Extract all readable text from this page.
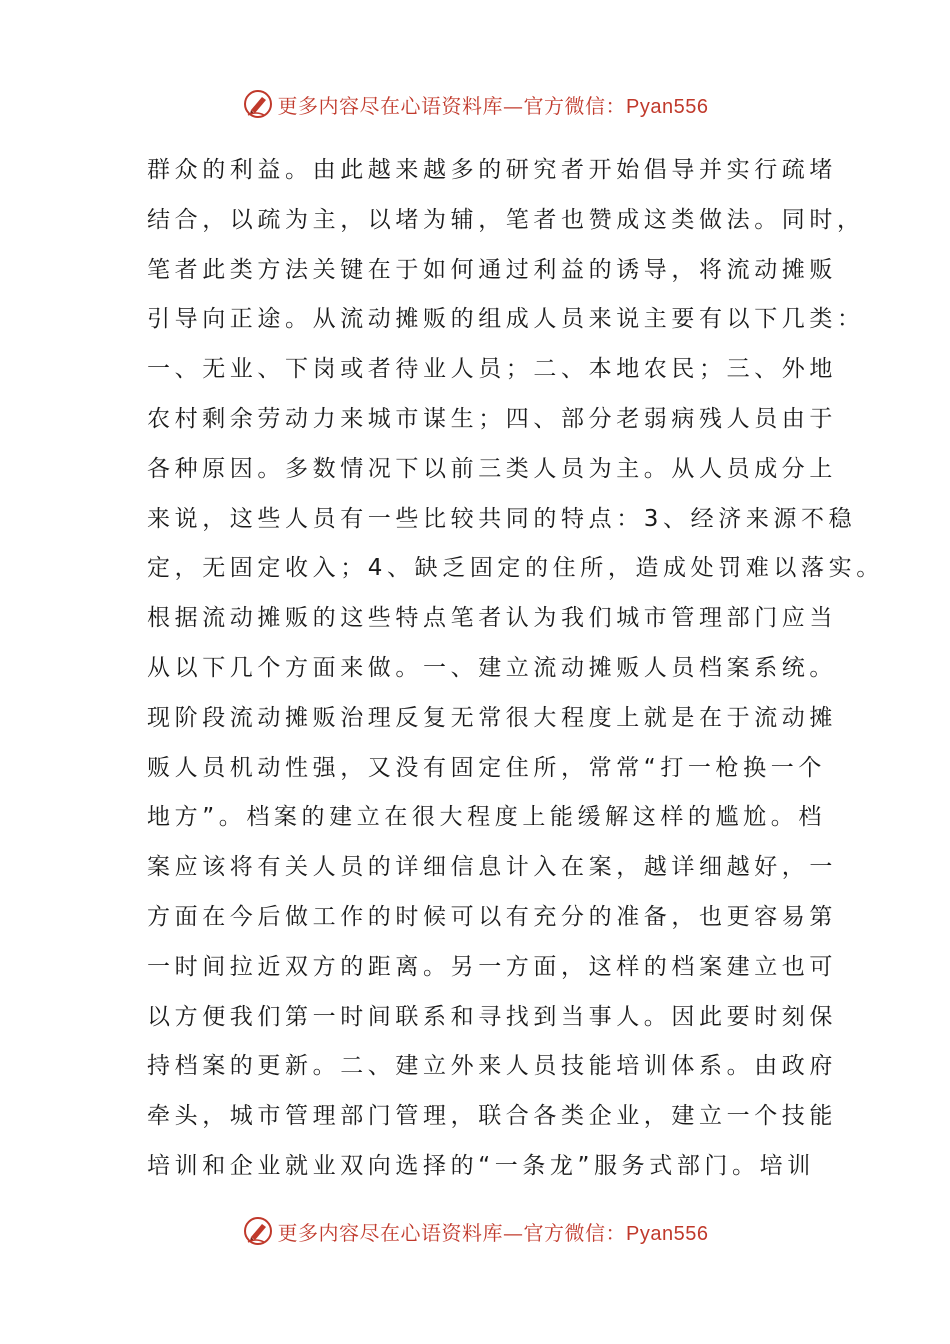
更多内容尽在心语资料库—官方微信：Pyan556
群众的利益。由此越来越多的研究者开始倡导并实行疏堵
结合，以疏为主，以堵为辅，笔者也赞成这类做法。同时，
笔者此类方法关键在于如何通过利益的诱导，将流动摊贩
引导向正途。从流动摊贩的组成人员来说主要有以下几类：
一、无业、下岗或者待业人员；二、本地农民；三、外地
农村剩余劳动力来城市谋生；四、部分老弱病残人员由于
各种原因。多数情况下以前三类人员为主。从人员成分上
来说，这些人员有一些比较共同的特点：3、经济来源不稳
定，无固定收入；4、缺乏固定的住所，造成处罚难以落实。
根据流动摊贩的这些特点笔者认为我们城市管理部门应当
从以下几个方面来做。一、建立流动摊贩人员档案系统。
现阶段流动摊贩治理反复无常很大程度上就是在于流动摊
贩人员机动性强，又没有固定住所，常常“打一枪换一个
地方”。档案的建立在很大程度上能缓解这样的尴尬。档
案应该将有关人员的详细信息计入在案，越详细越好，一
方面在今后做工作的时候可以有充分的准备，也更容易第
一时间拉近双方的距离。另一方面，这样的档案建立也可
以方便我们第一时间联系和寻找到当事人。因此要时刻保
持档案的更新。二、建立外来人员技能培训体系。由政府
牵头，城市管理部门管理，联合各类企业，建立一个技能
培训和企业就业双向选择的“一条龙”服务式部门。培训
更多内容尽在心语资料库—官方微信：Pyan556
